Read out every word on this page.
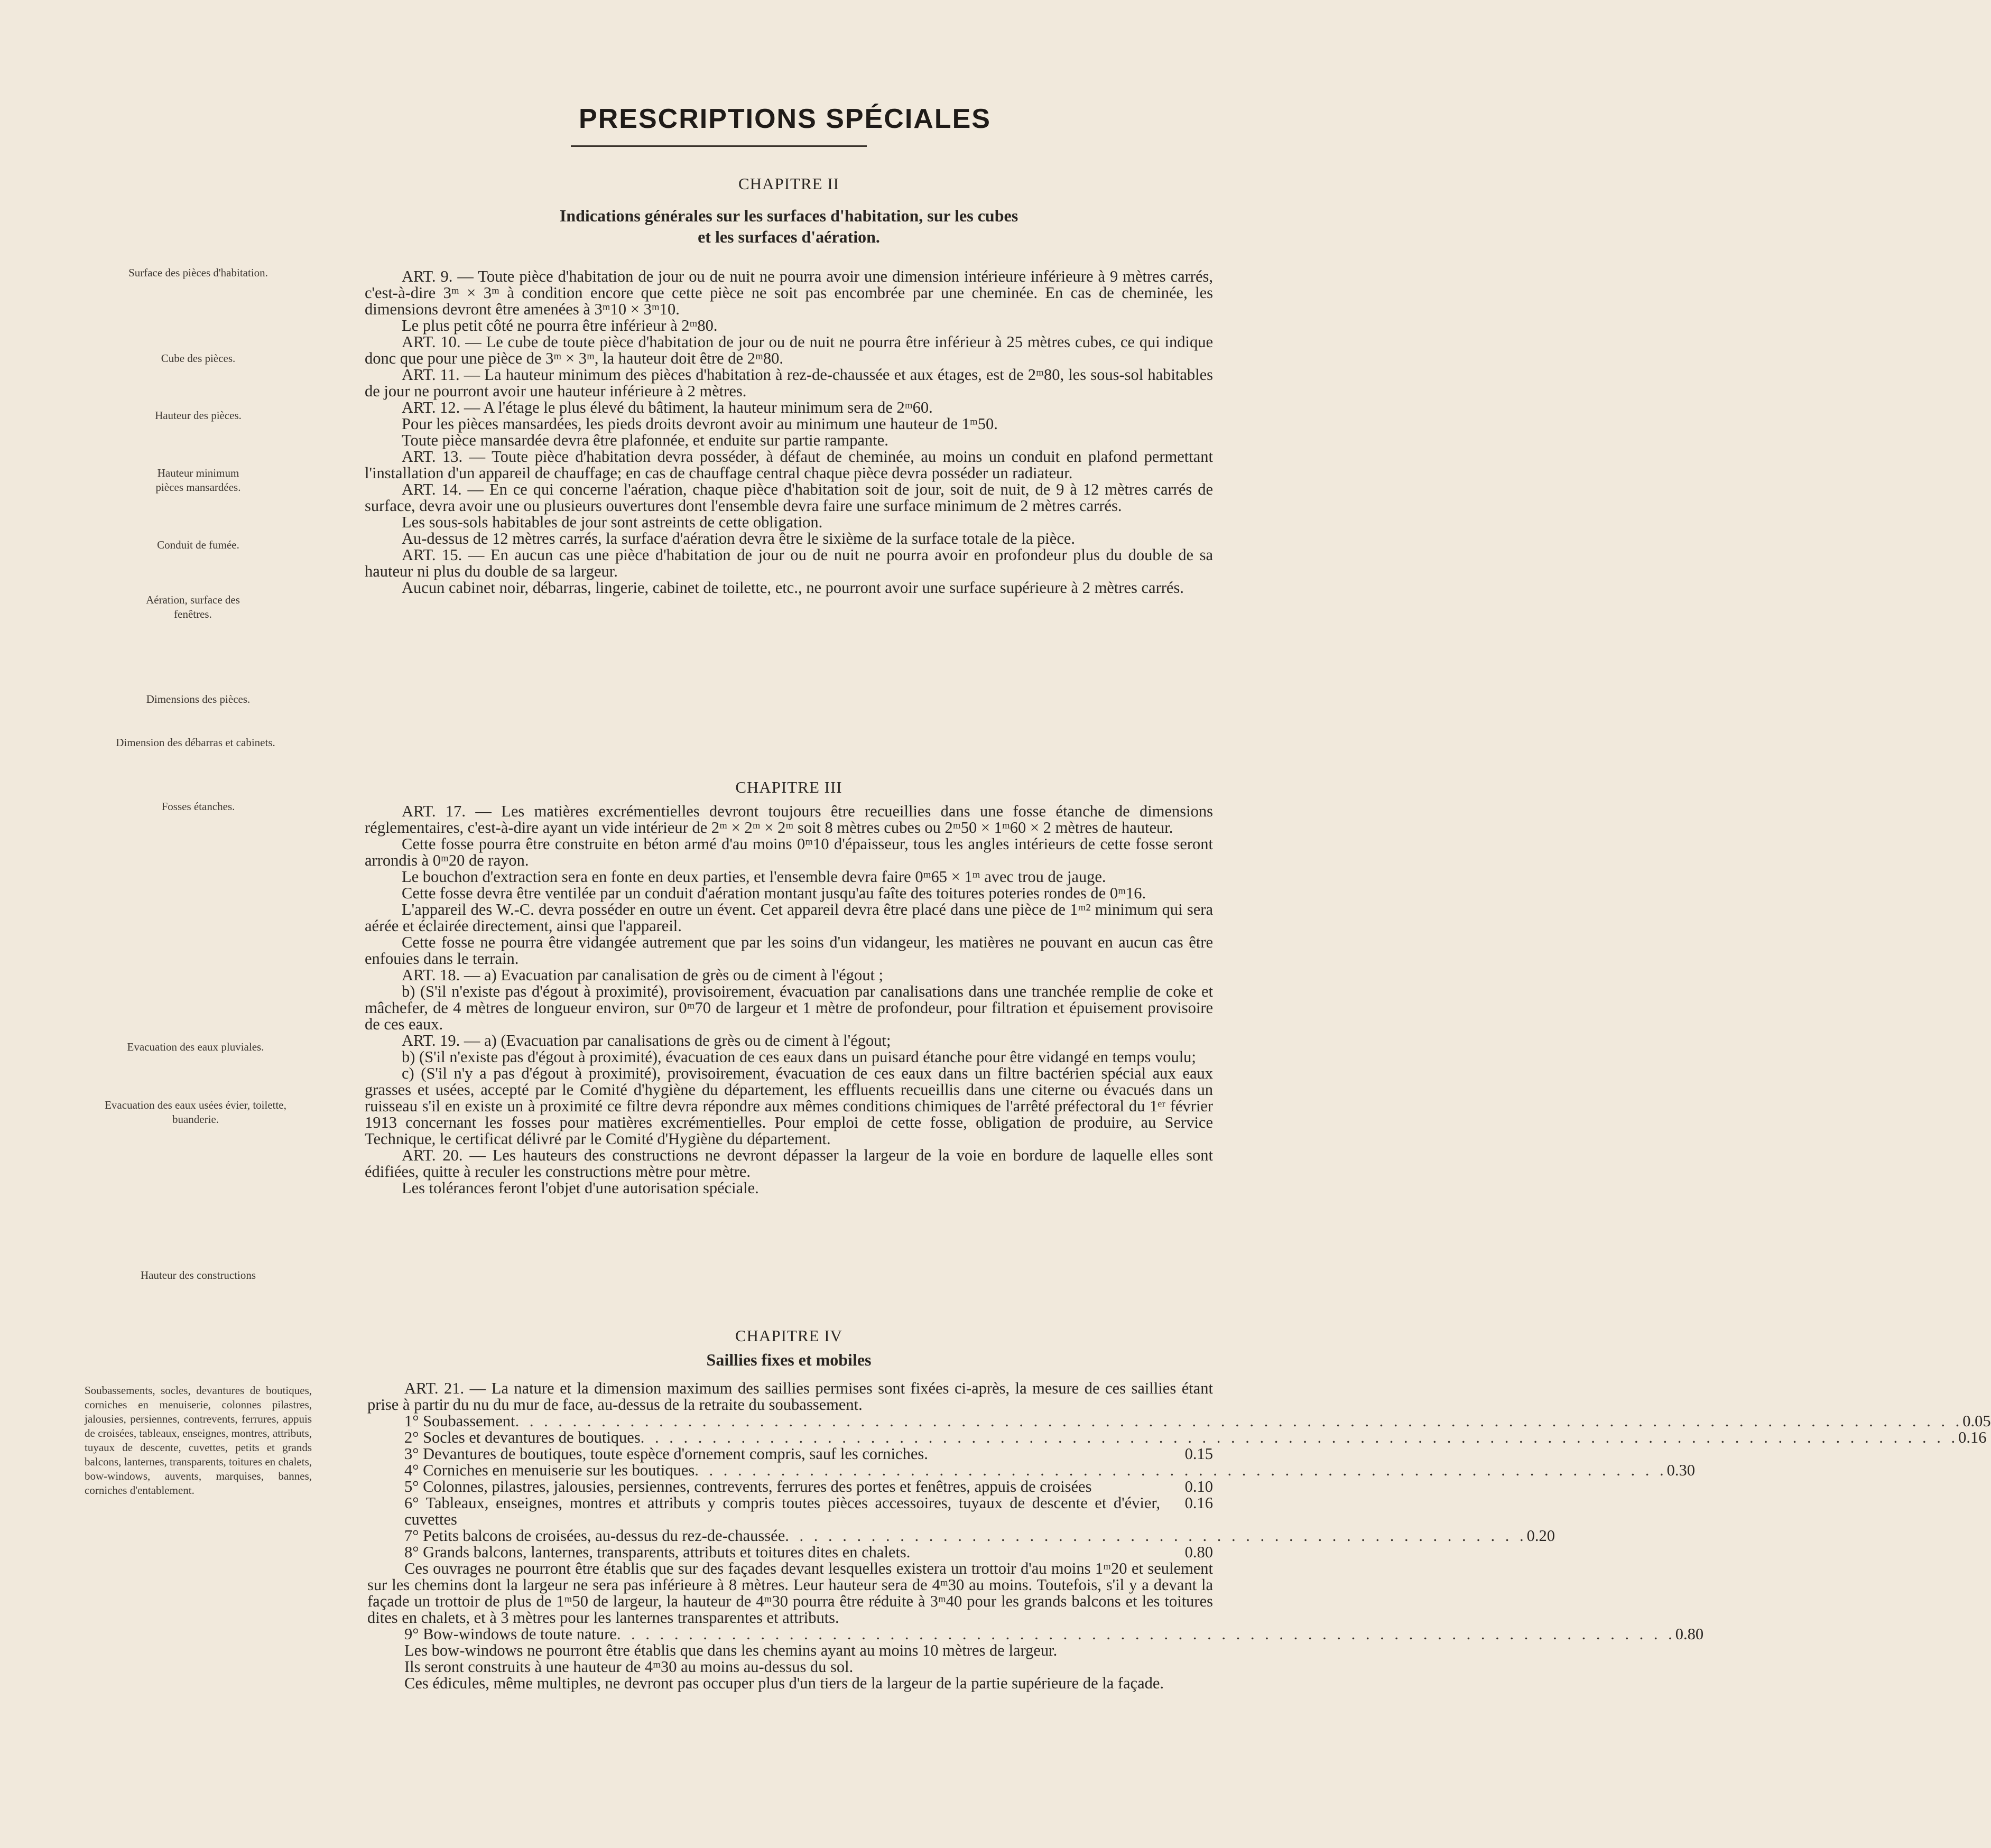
PRESCRIPTIONS SPÉCIALES
CHAPITRE II
Indications générales sur les surfaces d'habitation, sur les cubes
et les surfaces d'aération.
Surface des pièces d'habitation.
Cube des pièces.
Hauteur des pièces.
Hauteur minimum pièces mansardées.
Conduit de fumée.
Aération, surface des fenêtres.
Dimensions des pièces.
Dimension des débarras et cabinets.

ART. 9. — Toute pièce d'habitation de jour ou de nuit ne pourra avoir une dimension intérieure inférieure à 9 mètres carrés, c'est-à-dire 3ᵐ × 3ᵐ à condition encore que cette pièce ne soit pas encombrée par une cheminée. En cas de cheminée, les dimensions devront être amenées à 3ᵐ10 × 3ᵐ10.

Le plus petit côté ne pourra être inférieur à 2ᵐ80.

ART. 10. — Le cube de toute pièce d'habitation de jour ou de nuit ne pourra être inférieur à 25 mètres cubes, ce qui indique donc que pour une pièce de 3ᵐ × 3ᵐ, la hauteur doit être de 2ᵐ80.

ART. 11. — La hauteur minimum des pièces d'habitation à rez-de-chaussée et aux étages, est de 2ᵐ80, les sous-sol habitables de jour ne pourront avoir une hauteur inférieure à 2 mètres.

ART. 12. — A l'étage le plus élevé du bâtiment, la hauteur minimum sera de 2ᵐ60.

Pour les pièces mansardées, les pieds droits devront avoir au minimum une hauteur de 1ᵐ50.

Toute pièce mansardée devra être plafonnée, et enduite sur partie rampante.

ART. 13. — Toute pièce d'habitation devra posséder, à défaut de cheminée, au moins un conduit en plafond permettant l'installation d'un appareil de chauffage; en cas de chauffage central chaque pièce devra posséder un radiateur.

ART. 14. — En ce qui concerne l'aération, chaque pièce d'habitation soit de jour, soit de nuit, de 9 à 12 mètres carrés de surface, devra avoir une ou plusieurs ouvertures dont l'ensemble devra faire une surface minimum de 2 mètres carrés.

Les sous-sols habitables de jour sont astreints de cette obligation.

Au-dessus de 12 mètres carrés, la surface d'aération devra être le sixième de la surface totale de la pièce.

ART. 15. — En aucun cas une pièce d'habitation de jour ou de nuit ne pourra avoir en profondeur plus du double de sa hauteur ni plus du double de sa largeur.

Aucun cabinet noir, débarras, lingerie, cabinet de toilette, etc., ne pourront avoir une surface supérieure à 2 mètres carrés.

CHAPITRE III
Fosses étanches.
Evacuation des eaux pluviales.
Evacuation des eaux usées évier, toilette, buanderie.
Hauteur des constructions

ART. 17. — Les matières excrémentielles devront toujours être recueillies dans une fosse étanche de dimensions réglementaires, c'est-à-dire ayant un vide intérieur de 2ᵐ × 2ᵐ × 2ᵐ soit 8 mètres cubes ou 2ᵐ50 × 1ᵐ60 × 2 mètres de hauteur.

Cette fosse pourra être construite en béton armé d'au moins 0ᵐ10 d'épaisseur, tous les angles intérieurs de cette fosse seront arrondis à 0ᵐ20 de rayon.

Le bouchon d'extraction sera en fonte en deux parties, et l'ensemble devra faire 0ᵐ65 × 1ᵐ avec trou de jauge.

Cette fosse devra être ventilée par un conduit d'aération montant jusqu'au faîte des toitures poteries rondes de 0ᵐ16.

L'appareil des W.-C. devra posséder en outre un évent. Cet appareil devra être placé dans une pièce de 1ᵐ² minimum qui sera aérée et éclairée directement, ainsi que l'appareil.

Cette fosse ne pourra être vidangée autrement que par les soins d'un vidangeur, les matières ne pouvant en aucun cas être enfouies dans le terrain.

ART. 18. — a) Evacuation par canalisation de grès ou de ciment à l'égout ;

b) (S'il n'existe pas d'égout à proximité), provisoirement, évacuation par canalisations dans une tranchée remplie de coke et mâchefer, de 4 mètres de longueur environ, sur 0ᵐ70 de largeur et 1 mètre de profondeur, pour filtration et épuisement provisoire de ces eaux.

ART. 19. — a) (Evacuation par canalisations de grès ou de ciment à l'égout;

b) (S'il n'existe pas d'égout à proximité), évacuation de ces eaux dans un puisard étanche pour être vidangé en temps voulu;

c) (S'il n'y a pas d'égout à proximité), provisoirement, évacuation de ces eaux dans un filtre bactérien spécial aux eaux grasses et usées, accepté par le Comité d'hygiène du département, les effluents recueillis dans une citerne ou évacués dans un ruisseau s'il en existe un à proximité ce filtre devra répondre aux mêmes conditions chimiques de l'arrêté préfectoral du 1ᵉʳ février 1913 concernant les fosses pour matières excrémentielles. Pour emploi de cette fosse, obligation de produire, au Service Technique, le certificat délivré par le Comité d'Hygiène du département.

ART. 20. — Les hauteurs des constructions ne devront dépasser la largeur de la voie en bordure de laquelle elles sont édifiées, quitte à reculer les constructions mètre pour mètre.

Les tolérances feront l'objet d'une autorisation spéciale.

CHAPITRE IV
Saillies fixes et mobiles
Soubassements, socles, devantures de boutiques, corniches en menuiserie, colonnes pilastres, jalousies, persiennes, contrevents, ferrures, appuis de croisées, tableaux, enseignes, montres, attributs, tuyaux de descente, cuvettes, petits et grands balcons, lanternes, transparents, toitures en chalets, bow-windows, auvents, marquises, bannes, corniches d'entablement.

ART. 21. — La nature et la dimension maximum des saillies permises sont fixées ci-après, la mesure de ces saillies étant prise à partir du nu du mur de face, au-dessus de la retraite du soubassement.

1° Soubassement . . . . . . . . . . . . . . . . . . . . . . . . . . . . . . . . . . . . . . . . . . . . . . . . . . . . . . . . . . . . . . . . . . . . . . . . . . . . . . . . . . . . . . . . . . . . . . . . . . . . . 0.05
2° Socles et devantures de boutiques . . . . . . . . . . . . . . . . . . . . . . . . . . . . . . . . . . . . . . . . . . . . . . . . . . . . . . . . . . . . . . . . . . . . . . . . . . . . . . . . . . . . . . . . . . . . 0.16
3° Devantures de boutiques, toute espèce d'ornement compris, sauf les corniches.	0.15
4° Corniches en menuiserie sur les boutiques . . . . . . . . . . . . . . . . . . . . . . . . . . . . . . . . . . . . . . . . . . . . . . . . . . . . . . . . . . . . . . . . . . . . 0.30
5° Colonnes, pilastres, jalousies, persiennes, contrevents, ferrures des portes et fenêtres, appuis de croisées	0.10
6° Tableaux, enseignes, montres et attributs y compris toutes pièces accessoires, tuyaux de descente et d'évier, cuvettes
0.16
7° Petits balcons de croisées, au-dessus du rez-de-chaussée . . . . . . . . . . . . . . . . . . . . . . . . . . . . . . . . . . . . . . . . . . . . . . . . . . . . 0.20
8° Grands balcons, lanternes, transparents, attributs et toitures dites en chalets.	0.80

Ces ouvrages ne pourront être établis que sur des façades devant lesquelles existera un trottoir d'au moins 1ᵐ20 et seulement sur les chemins dont la largeur ne sera pas inférieure à 8 mètres. Leur hauteur sera de 4ᵐ30 au moins. Toutefois, s'il y a devant la façade un trottoir de plus de 1ᵐ50 de largeur, la hauteur de 4ᵐ30 pourra être réduite à 3ᵐ40 pour les grands balcons et les toitures dites en chalets, et à 3 mètres pour les lanternes transparentes et attributs.

9° Bow-windows de toute nature . . . . . . . . . . . . . . . . . . . . . . . . . . . . . . . . . . . . . . . . . . . . . . . . . . . . . . . . . . . . . . . . . . . . . . . . . . 0.80

Les bow-windows ne pourront être établis que dans les chemins ayant au moins 10 mètres de largeur.

Ils seront construits à une hauteur de 4ᵐ30 au moins au-dessus du sol.

Ces édicules, même multiples, ne devront pas occuper plus d'un tiers de la largeur de la partie supérieure de la façade.
